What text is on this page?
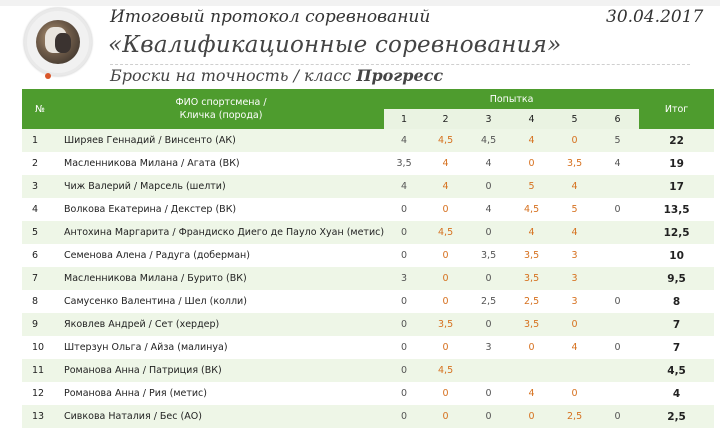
Итоговый протокол соревнований	30.04.2017
«Квалификационные соревнования»
Броски на точность / класс Прогресс
№	ФИО спортсмена / Кличка (порода)	Попытка						Итог
		1	2	3	4	5	6	
1	Ширяев Геннадий / Винсенто (АК)	4	4,5	4,5	4	0	5	22
2	Масленникова Милана / Агата (ВК)	3,5	4	4	0	3,5	4	19
3	Чиж Валерий / Марсель (шелти)	4	4	0	5	4		17
4	Волкова Екатерина / Декстер (ВК)	0	0	4	4,5	5	0	13,5
5	Антохина Маргарита / Франдиско Диего де Пауло Хуан (метис)	0	4,5	0	4	4		12,5
6	Семенова Алена / Радуга (доберман)	0	0	3,5	3,5	3		10
7	Масленникова Милана / Бурито (ВК)	3	0	0	3,5	3		9,5
8	Самусенко Валентина / Шел (колли)	0	0	2,5	2,5	3	0	8
9	Яковлев Андрей / Сет (хердер)	0	3,5	0	3,5	0		7
10	Штерзун Ольга / Айза (малинуа)	0	0	3	0	4	0	7
11	Романова Анна / Патриция (ВК)	0	4,5					4,5
12	Романова Анна / Рия (метис)	0	0	0	4	0		4
13	Сивкова Наталия / Бес (АО)	0	0	0	0	2,5	0	2,5
